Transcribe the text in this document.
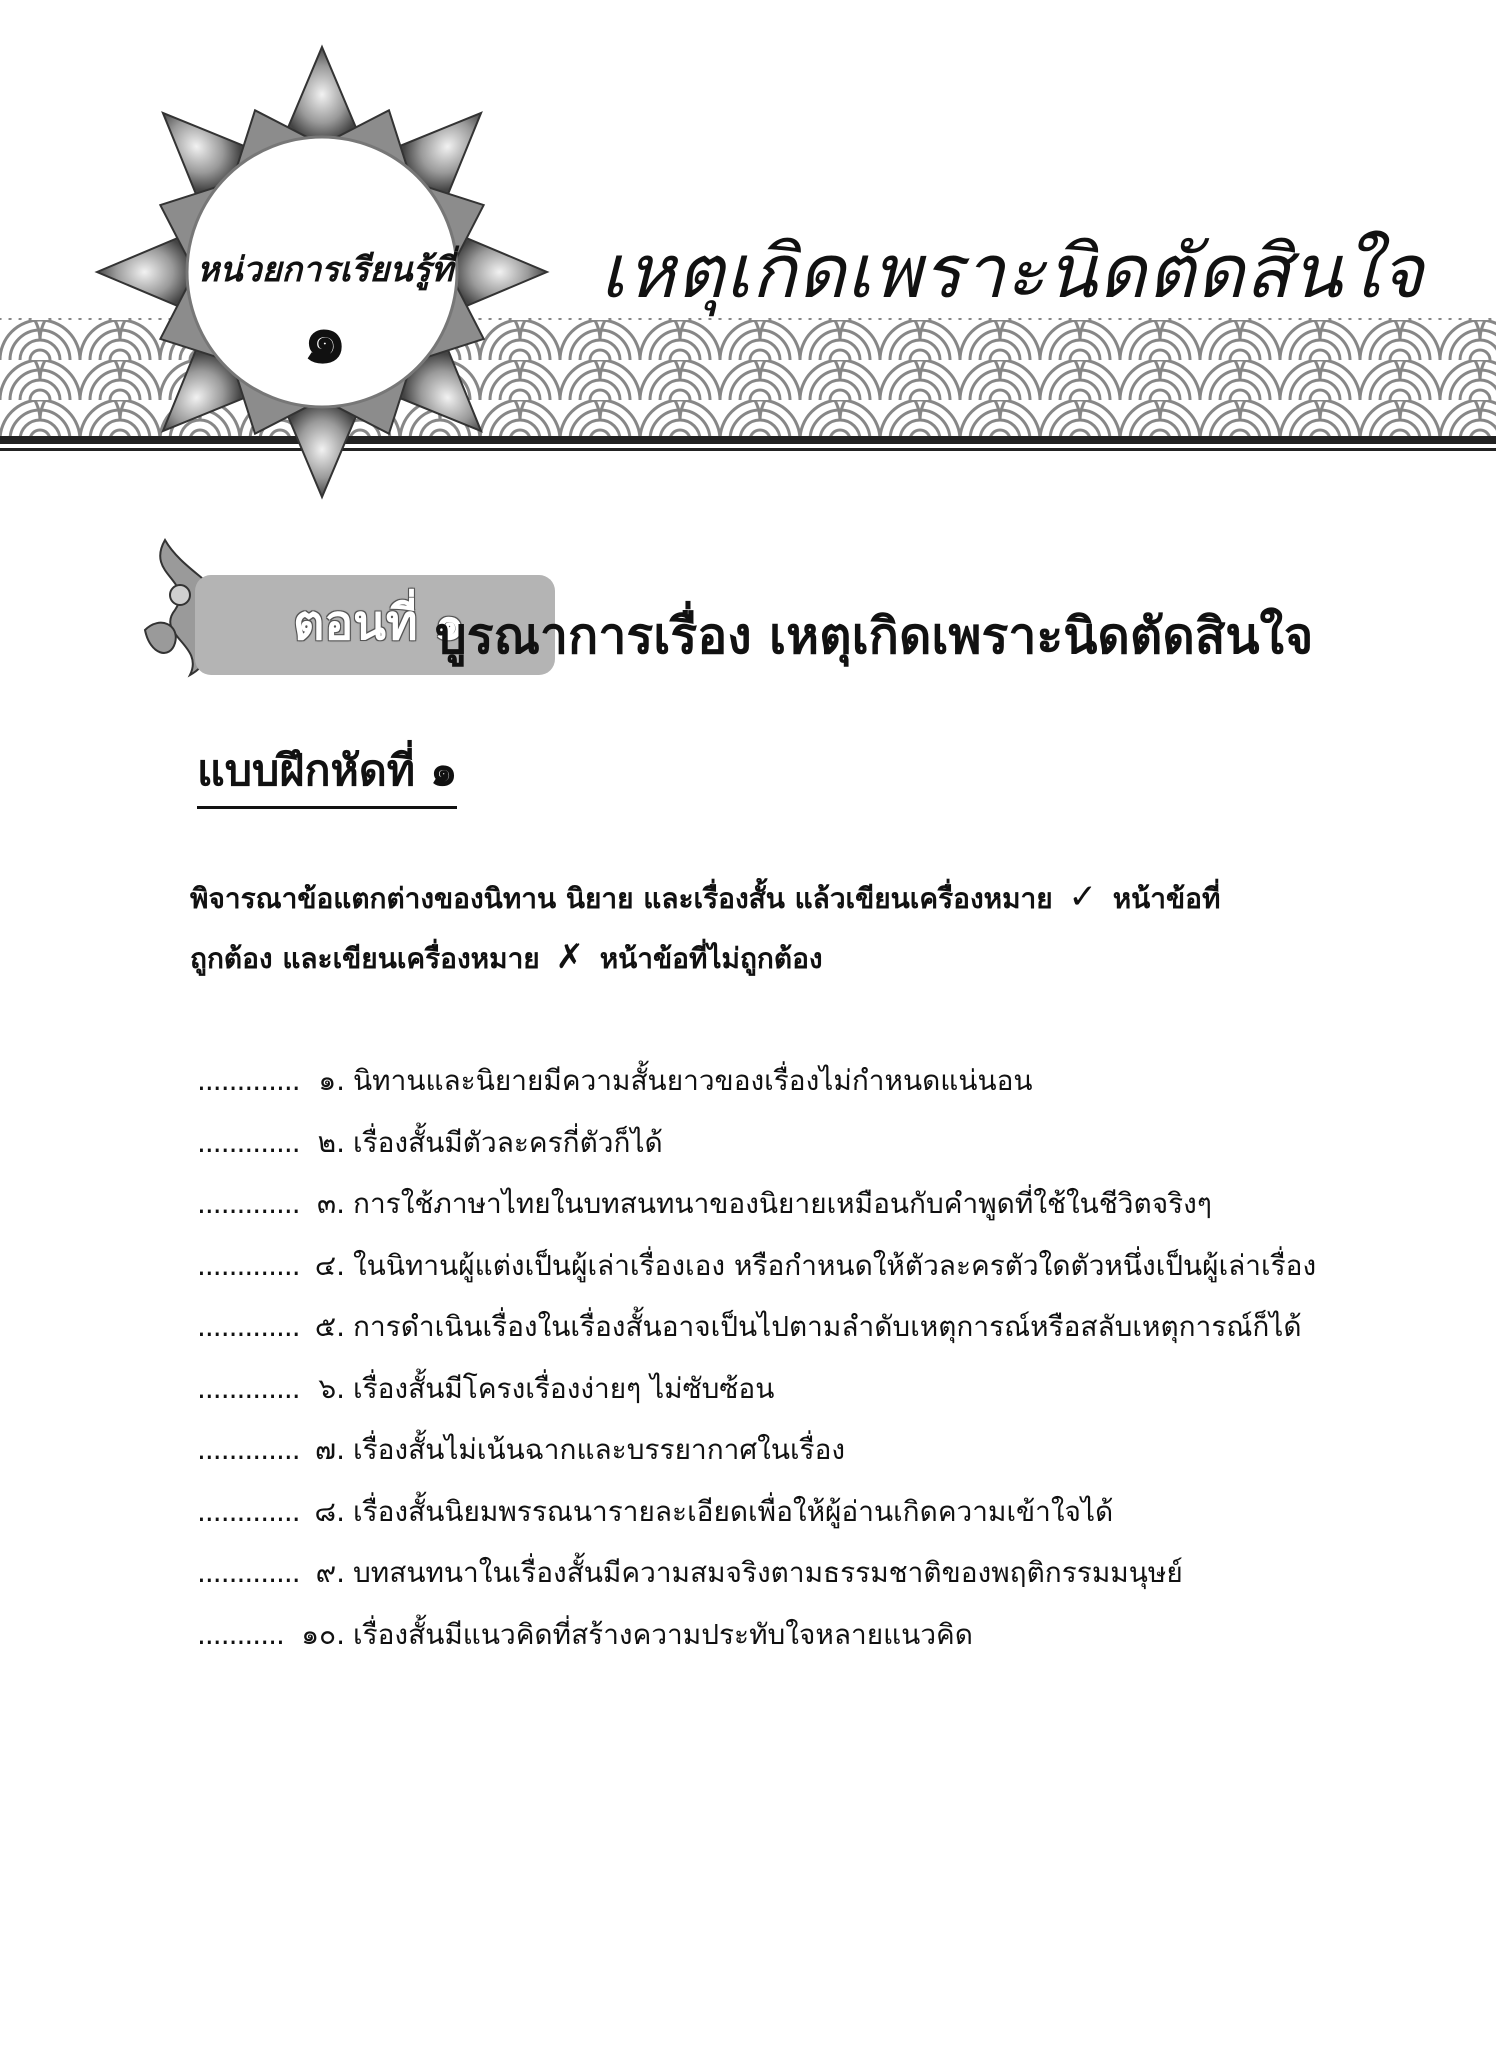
หน่วยการเรียนรู้ที่
๑
เหตุเกิดเพราะนิดตัดสินใจ
ตอนที่ ๑
บูรณาการเรื่อง เหตุเกิดเพราะนิดตัดสินใจ
แบบฝึกหัดที่ ๑
พิจารณาข้อแตกต่างของนิทาน นิยาย และเรื่องสั้น แล้วเขียนเครื่องหมาย ✓ หน้าข้อที่
ถูกต้อง และเขียนเครื่องหมาย ✗ หน้าข้อที่ไม่ถูกต้อง
............. ๑. นิทานและนิยายมีความสั้นยาวของเรื่องไม่กำหนดแน่นอน
............. ๒. เรื่องสั้นมีตัวละครกี่ตัวก็ได้
............. ๓. การใช้ภาษาไทยในบทสนทนาของนิยายเหมือนกับคำพูดที่ใช้ในชีวิตจริงๆ
............. ๔. ในนิทานผู้แต่งเป็นผู้เล่าเรื่องเอง หรือกำหนดให้ตัวละครตัวใดตัวหนึ่งเป็นผู้เล่าเรื่อง
............. ๕. การดำเนินเรื่องในเรื่องสั้นอาจเป็นไปตามลำดับเหตุการณ์หรือสลับเหตุการณ์ก็ได้
............. ๖. เรื่องสั้นมีโครงเรื่องง่ายๆ ไม่ซับซ้อน
............. ๗. เรื่องสั้นไม่เน้นฉากและบรรยากาศในเรื่อง
............. ๘. เรื่องสั้นนิยมพรรณนารายละเอียดเพื่อให้ผู้อ่านเกิดความเข้าใจได้
............. ๙. บทสนทนาในเรื่องสั้นมีความสมจริงตามธรรมชาติของพฤติกรรมมนุษย์
........... ๑๐. เรื่องสั้นมีแนวคิดที่สร้างความประทับใจหลายแนวคิด
